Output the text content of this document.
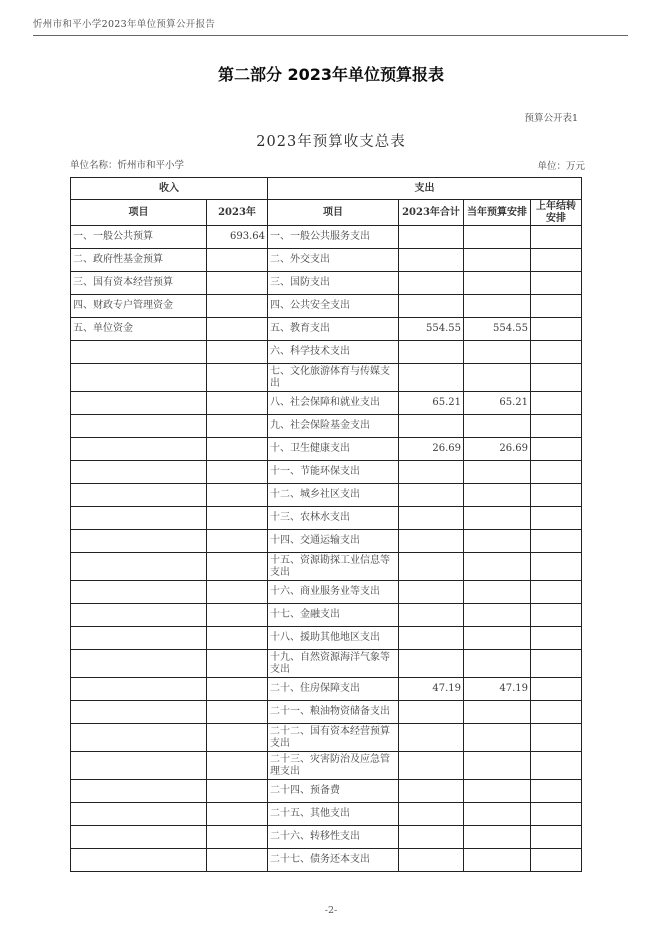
忻州市和平小学2023年单位预算公开报告
第二部分 2023年单位预算报表
预算公开表1
2023年预算收支总表
单位名称：忻州市和平小学	单位：万元
收入		支出			
项目	2023年	项目	2023年合计	当年预算安排	上年结转安排
一、一般公共预算	693.64	一、一般公共服务支出			
二、政府性基金预算		二、外交支出			
三、国有资本经营预算		三、国防支出			
四、财政专户管理资金		四、公共安全支出			
五、单位资金		五、教育支出	554.55	554.55	
		六、科学技术支出			
		七、文化旅游体育与传媒支出			
		八、社会保障和就业支出	65.21	65.21	
		九、社会保险基金支出			
		十、卫生健康支出	26.69	26.69	
		十一、节能环保支出			
		十二、城乡社区支出			
		十三、农林水支出			
		十四、交通运输支出			
		十五、资源勘探工业信息等支出			
		十六、商业服务业等支出			
		十七、金融支出			
		十八、援助其他地区支出			
		十九、自然资源海洋气象等支出			
		二十、住房保障支出	47.19	47.19	
		二十一、粮油物资储备支出			
		二十二、国有资本经营预算支出			
		二十三、灾害防治及应急管理支出			
		二十四、预备费			
		二十五、其他支出			
		二十六、转移性支出			
		二十七、债务还本支出			
-2-
